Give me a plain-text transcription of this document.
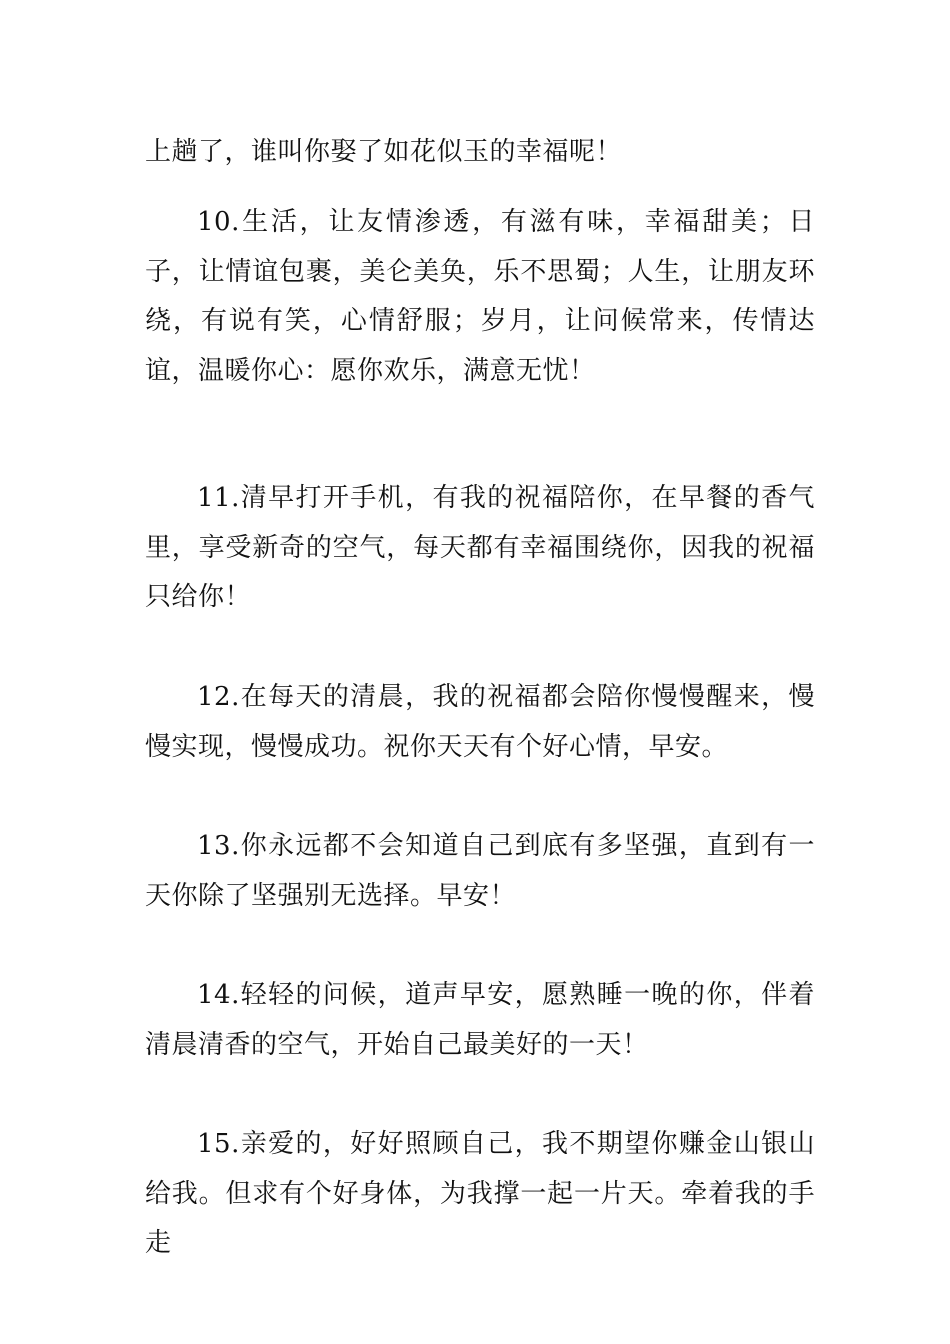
上趟了，谁叫你娶了如花似玉的幸福呢！

10.生活，让友情渗透，有滋有味，幸福甜美；日子，让情谊包裹，美仑美奂，乐不思蜀；人生，让朋友环绕，有说有笑，心情舒服；岁月，让问候常来，传情达谊，温暖你心：愿你欢乐，满意无忧！

11.清早打开手机，有我的祝福陪你，在早餐的香气里，享受新奇的空气，每天都有幸福围绕你，因我的祝福只给你！

12.在每天的清晨，我的祝福都会陪你慢慢醒来，慢慢实现，慢慢成功。祝你天天有个好心情，早安。

13.你永远都不会知道自己到底有多坚强，直到有一天你除了坚强别无选择。早安！

14.轻轻的问候，道声早安，愿熟睡一晚的你，伴着清晨清香的空气，开始自己最美好的一天！

15.亲爱的，好好照顾自己，我不期望你赚金山银山给我。但求有个好身体，为我撑一起一片天。牵着我的手走
